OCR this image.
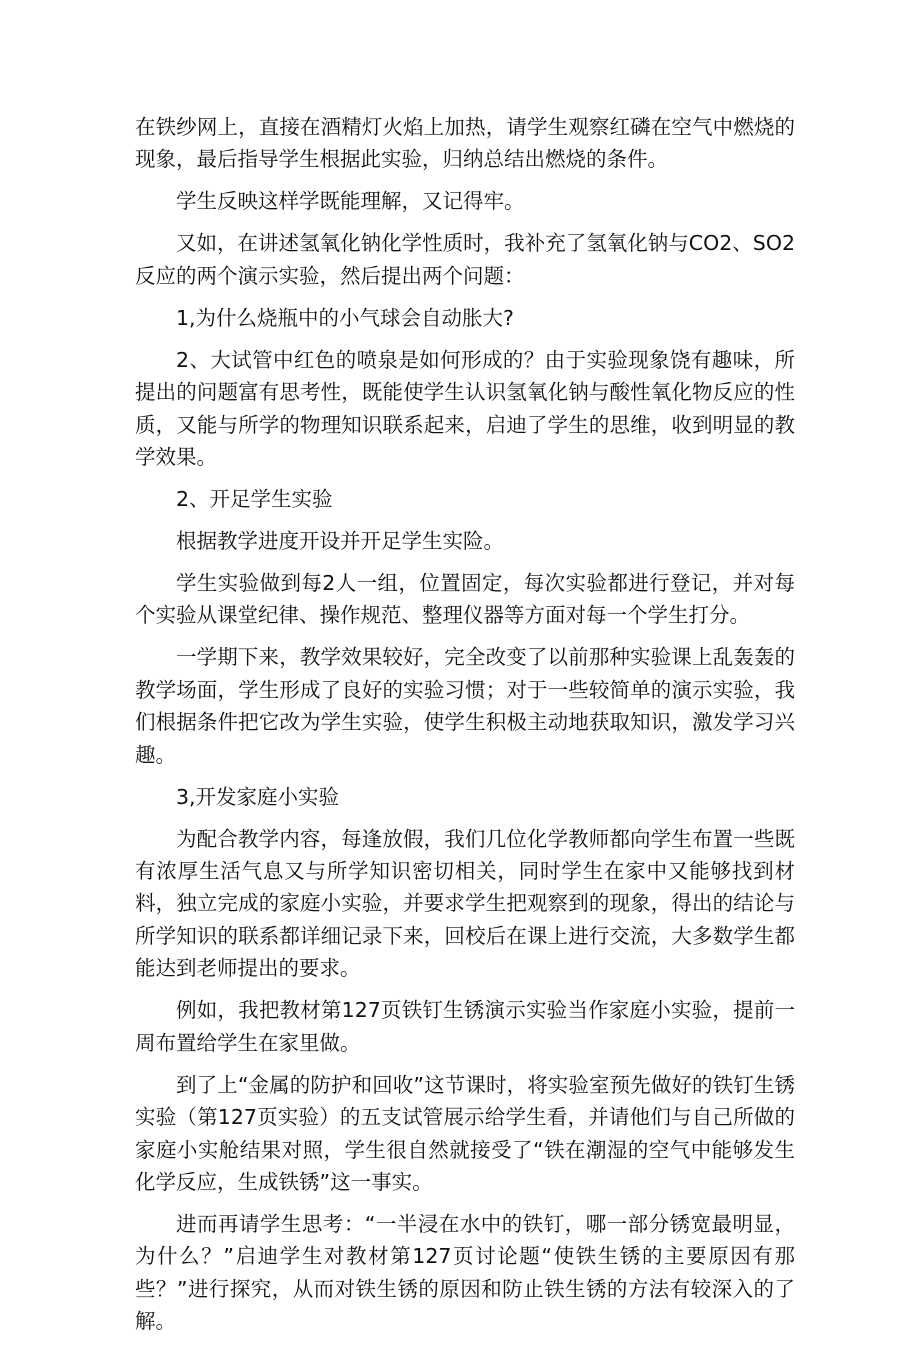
在铁纱网上，直接在酒精灯火焰上加热，请学生观察红磷在空气中燃烧的现象，最后指导学生根据此实验，归纳总结出燃烧的条件。

学生反映这样学既能理解，又记得牢。

又如，在讲述氢氧化钠化学性质时，我补充了氢氧化钠与CO2、SO2反应的两个演示实验，然后提出两个问题：

1,为什么烧瓶中的小气球会自动胀大?

2、大试管中红色的喷泉是如何形成的？由于实验现象饶有趣味，所提出的问题富有思考性，既能使学生认识氢氧化钠与酸性氧化物反应的性质，又能与所学的物理知识联系起来，启迪了学生的思维，收到明显的教学效果。

2、开足学生实验

根据教学进度开设并开足学生实险。

学生实验做到每2人一组，位置固定，每次实验都进行登记，并对每个实验从课堂纪律、操作规范、整理仪器等方面对每一个学生打分。

一学期下来，教学效果较好，完全改变了以前那种实验课上乱轰轰的教学场面，学生形成了良好的实验习惯；对于一些较简单的演示实验，我们根据条件把它改为学生实验，使学生积极主动地获取知识，激发学习兴趣。

3,开发家庭小实验

为配合教学内容，每逢放假，我们几位化学教师都向学生布置一些既有浓厚生活气息又与所学知识密切相关，同时学生在家中又能够找到材料，独立完成的家庭小实验，并要求学生把观察到的现象，得出的结论与所学知识的联系都详细记录下来，回校后在课上进行交流，大多数学生都能达到老师提出的要求。

例如，我把教材第127页铁钉生锈演示实验当作家庭小实验，提前一周布置给学生在家里做。

到了上“金属的防护和回收”这节课时，将实验室预先做好的铁钉生锈实验（第127页实验）的五支试管展示给学生看，并请他们与自己所做的家庭小实舱结果对照，学生很自然就接受了“铁在潮湿的空气中能够发生化学反应，生成铁锈”这一事实。

进而再请学生思考：“一半浸在水中的铁钉，哪一部分锈宽最明显，为什么？”启迪学生对教材第127页讨论题“使铁生锈的主要原因有那些？”进行探究，从而对铁生锈的原因和防止铁生锈的方法有较深入的了解。
